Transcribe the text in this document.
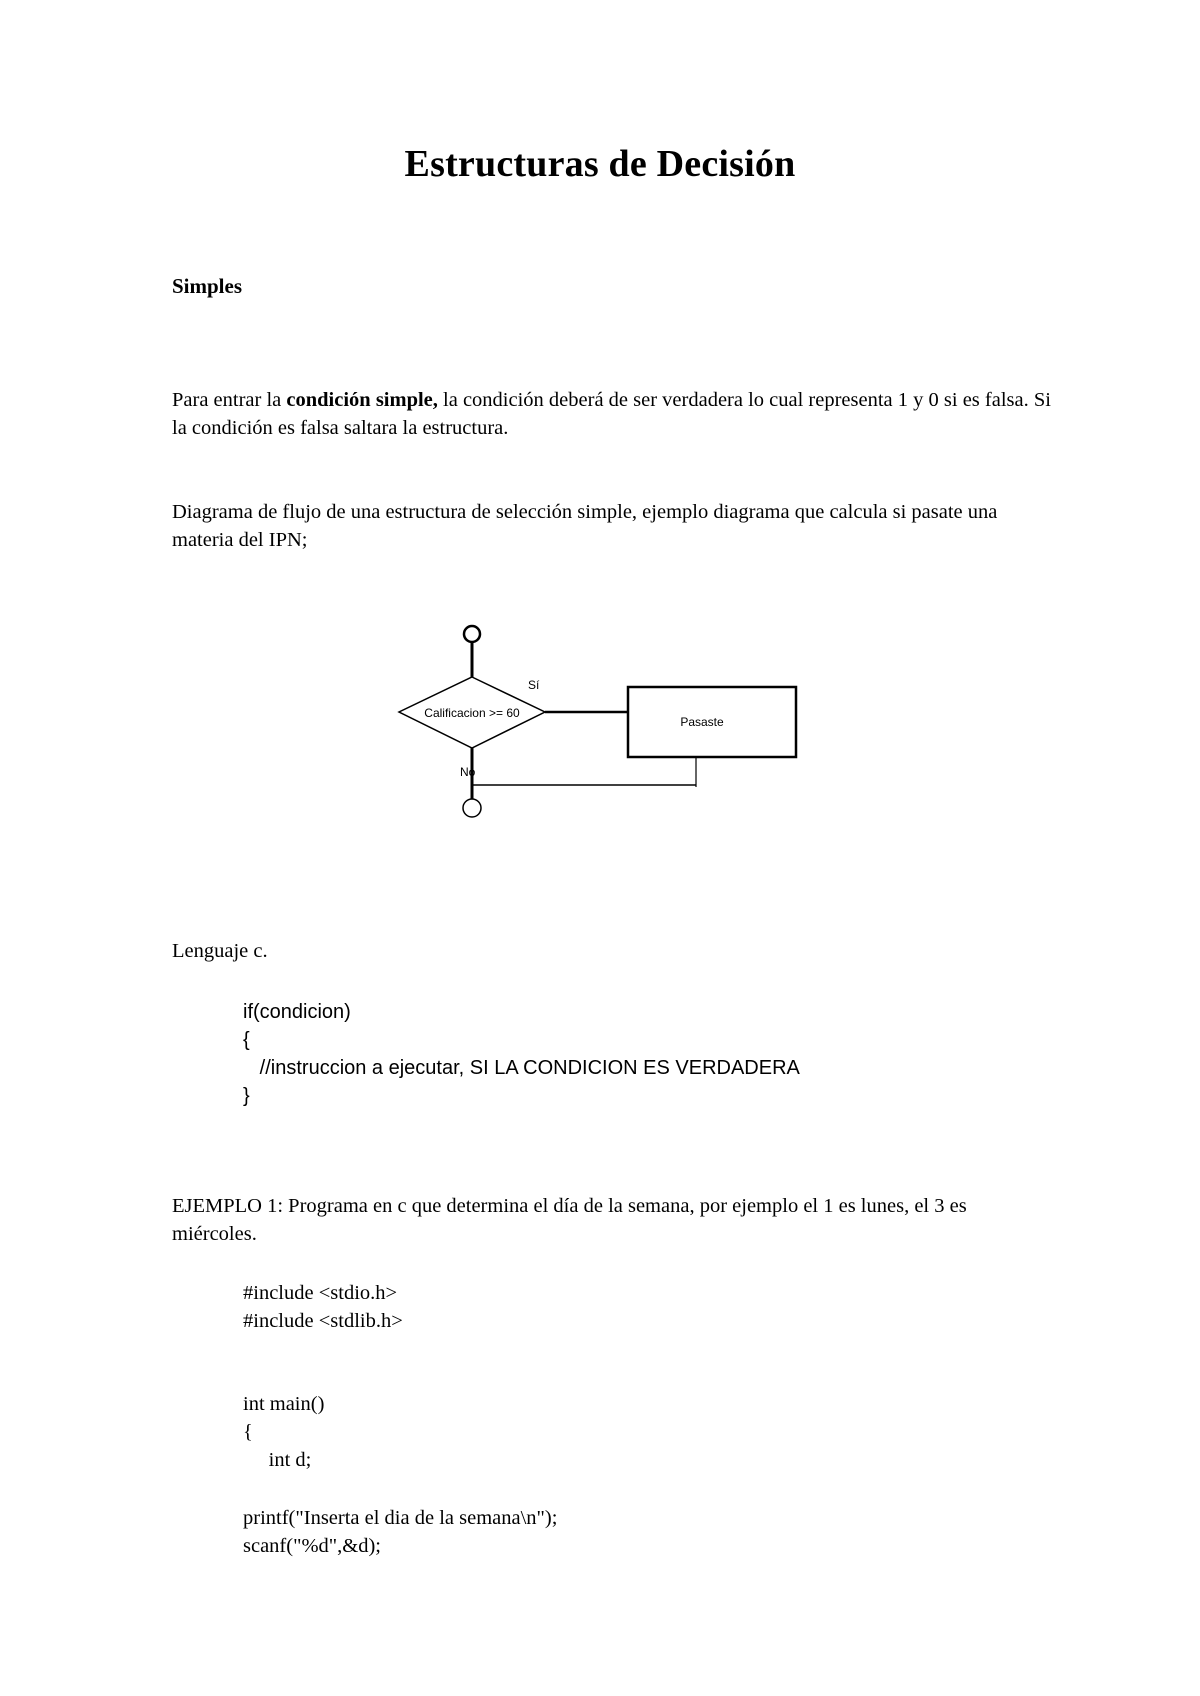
Estructuras de Decisión
Simples
Para entrar la condición simple, la condición deberá de ser verdadera lo cual representa 1 y 0 si es falsa. Si la condición es falsa saltara la estructura.
Diagrama de flujo de una estructura de selección simple, ejemplo diagrama que calcula si pasate una materia del IPN;
Calificacion >= 60
Sí
Pasaste
No
Lenguaje c.
if(condicion)
{
//instruccion a ejecutar, SI LA CONDICION ES VERDADERA
}
EJEMPLO 1: Programa en c que determina el día de la semana, por ejemplo el 1 es lunes, el 3 es miércoles.
#include <stdio.h>
#include <stdlib.h>
int main()
{
int d;
printf("Inserta el dia de la semana\n");
scanf("%d",&d);
